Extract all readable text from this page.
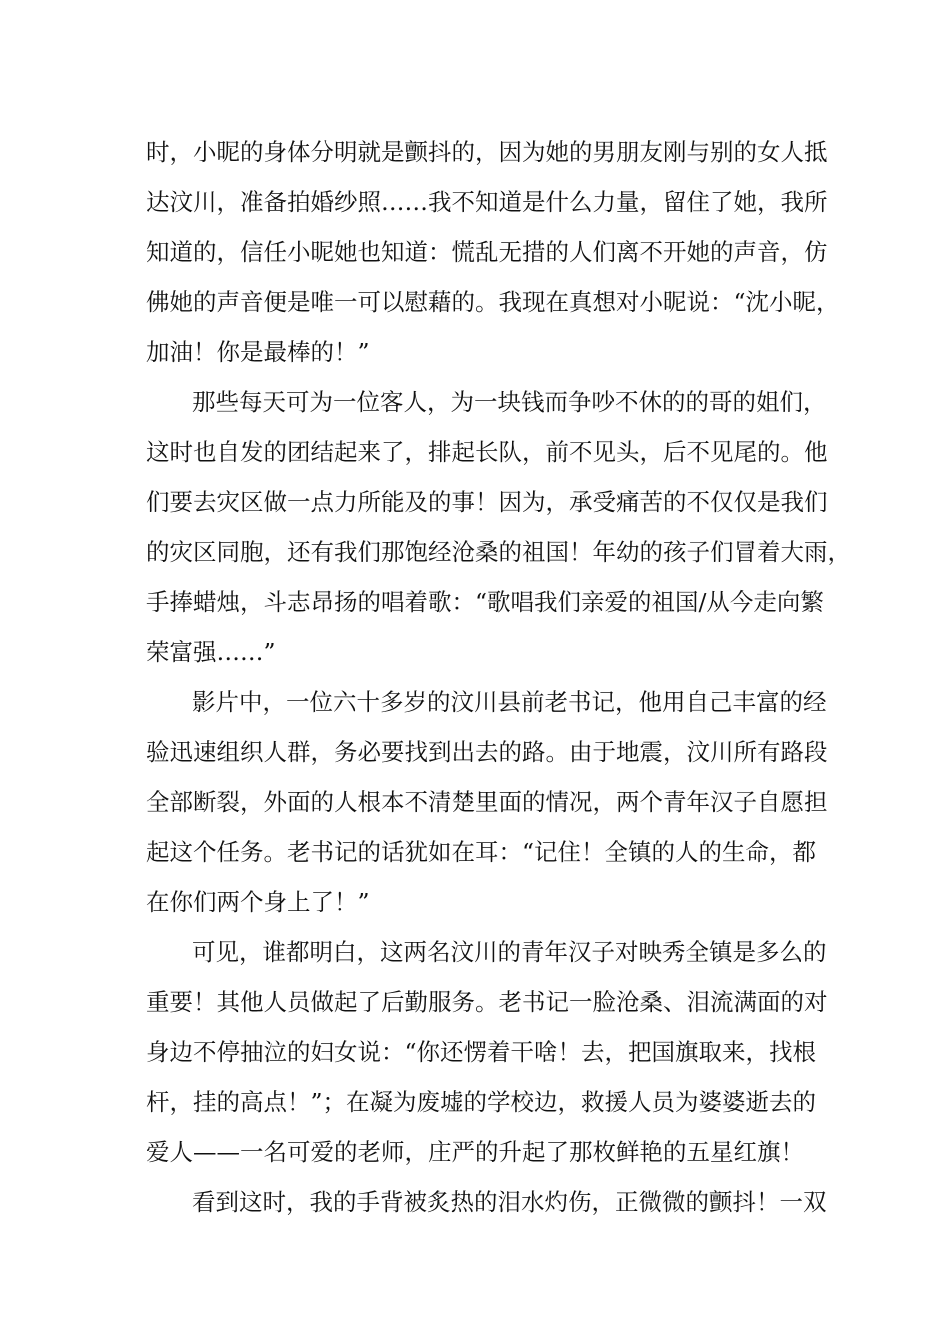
时，小昵的身体分明就是颤抖的，因为她的男朋友刚与别的女人抵
达汶川，准备拍婚纱照……我不知道是什么力量，留住了她，我所
知道的，信任小昵她也知道：慌乱无措的人们离不开她的声音，仿
佛她的声音便是唯一可以慰藉的。我现在真想对小昵说：“沈小昵，
加油！你是最棒的！”
那些每天可为一位客人，为一块钱而争吵不休的的哥的姐们，
这时也自发的团结起来了，排起长队，前不见头，后不见尾的。他
们要去灾区做一点力所能及的事！因为，承受痛苦的不仅仅是我们
的灾区同胞，还有我们那饱经沧桑的祖国！年幼的孩子们冒着大雨，
手捧蜡烛，斗志昂扬的唱着歌：“歌唱我们亲爱的祖国/从今走向繁
荣富强……”
影片中，一位六十多岁的汶川县前老书记，他用自己丰富的经
验迅速组织人群，务必要找到出去的路。由于地震，汶川所有路段
全部断裂，外面的人根本不清楚里面的情况，两个青年汉子自愿担
起这个任务。老书记的话犹如在耳：“记住！全镇的人的生命，都
在你们两个身上了！”
可见，谁都明白，这两名汶川的青年汉子对映秀全镇是多么的
重要！其他人员做起了后勤服务。老书记一脸沧桑、泪流满面的对
身边不停抽泣的妇女说：“你还愣着干啥！去，把国旗取来，找根
杆，挂的高点！”；在凝为废墟的学校边，救援人员为婆婆逝去的
爱人——一名可爱的老师，庄严的升起了那枚鲜艳的五星红旗！
看到这时，我的手背被炙热的泪水灼伤，正微微的颤抖！一双
